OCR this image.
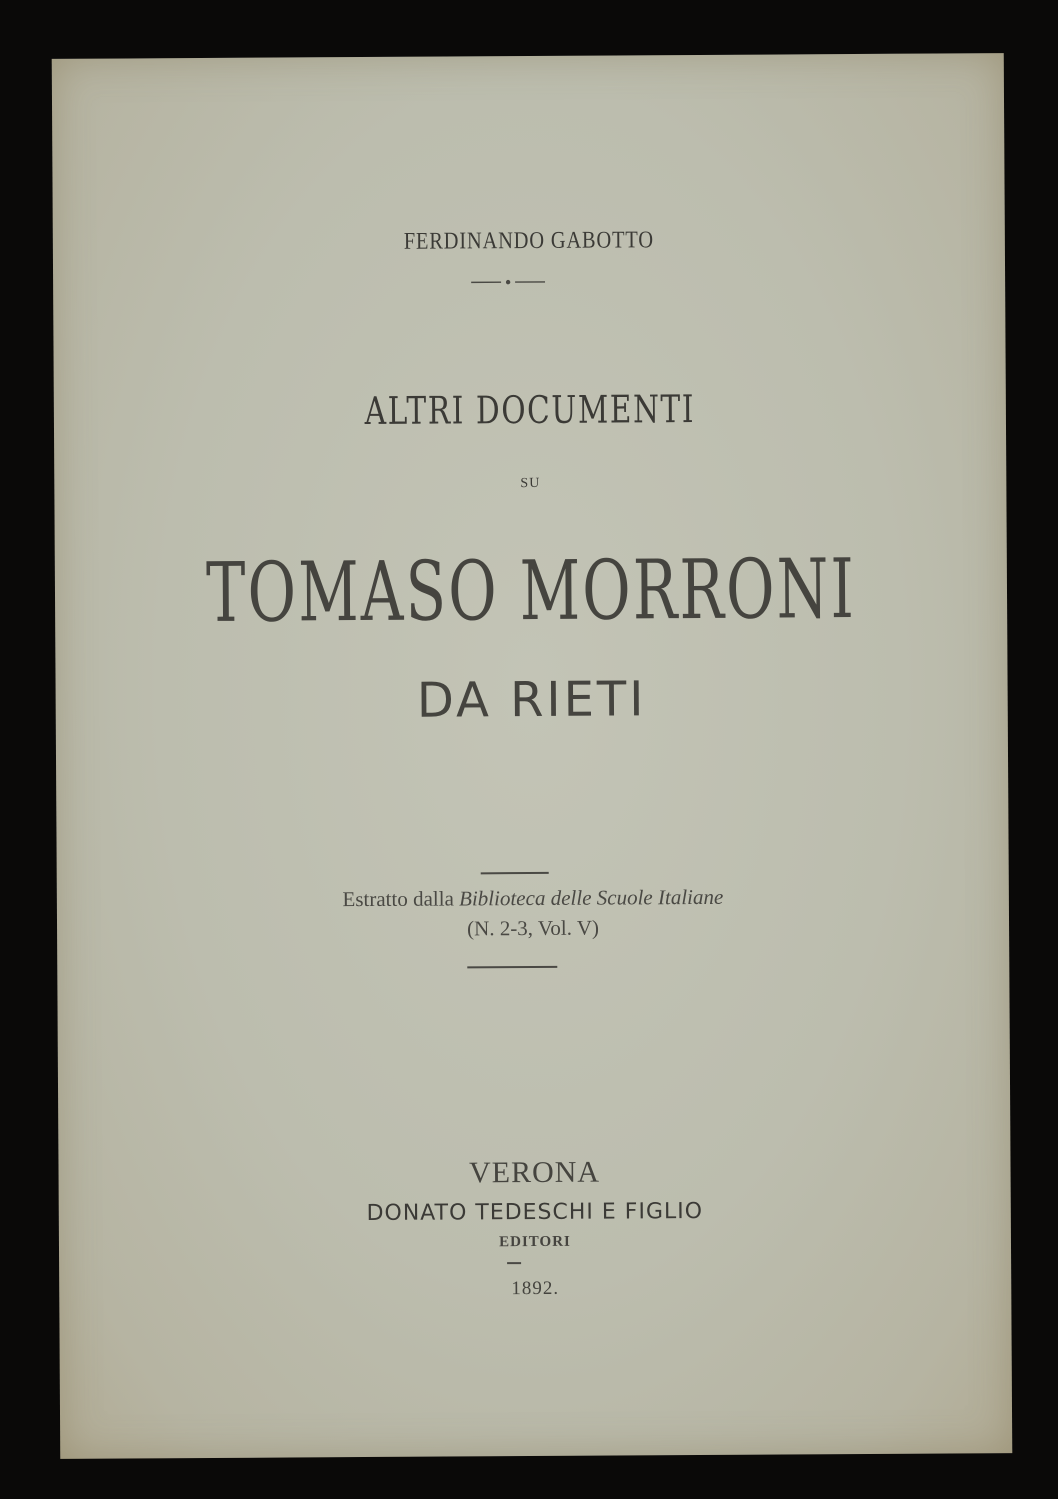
FERDINANDO GABOTTO
ALTRI DOCUMENTI
SU
TOMASO MORRONI
DA RIETI
Estratto dalla Biblioteca delle Scuole Italiane
(N. 2-3, Vol. V)
VERONA
DONATO TEDESCHI E FIGLIO
EDITORI
1892.
